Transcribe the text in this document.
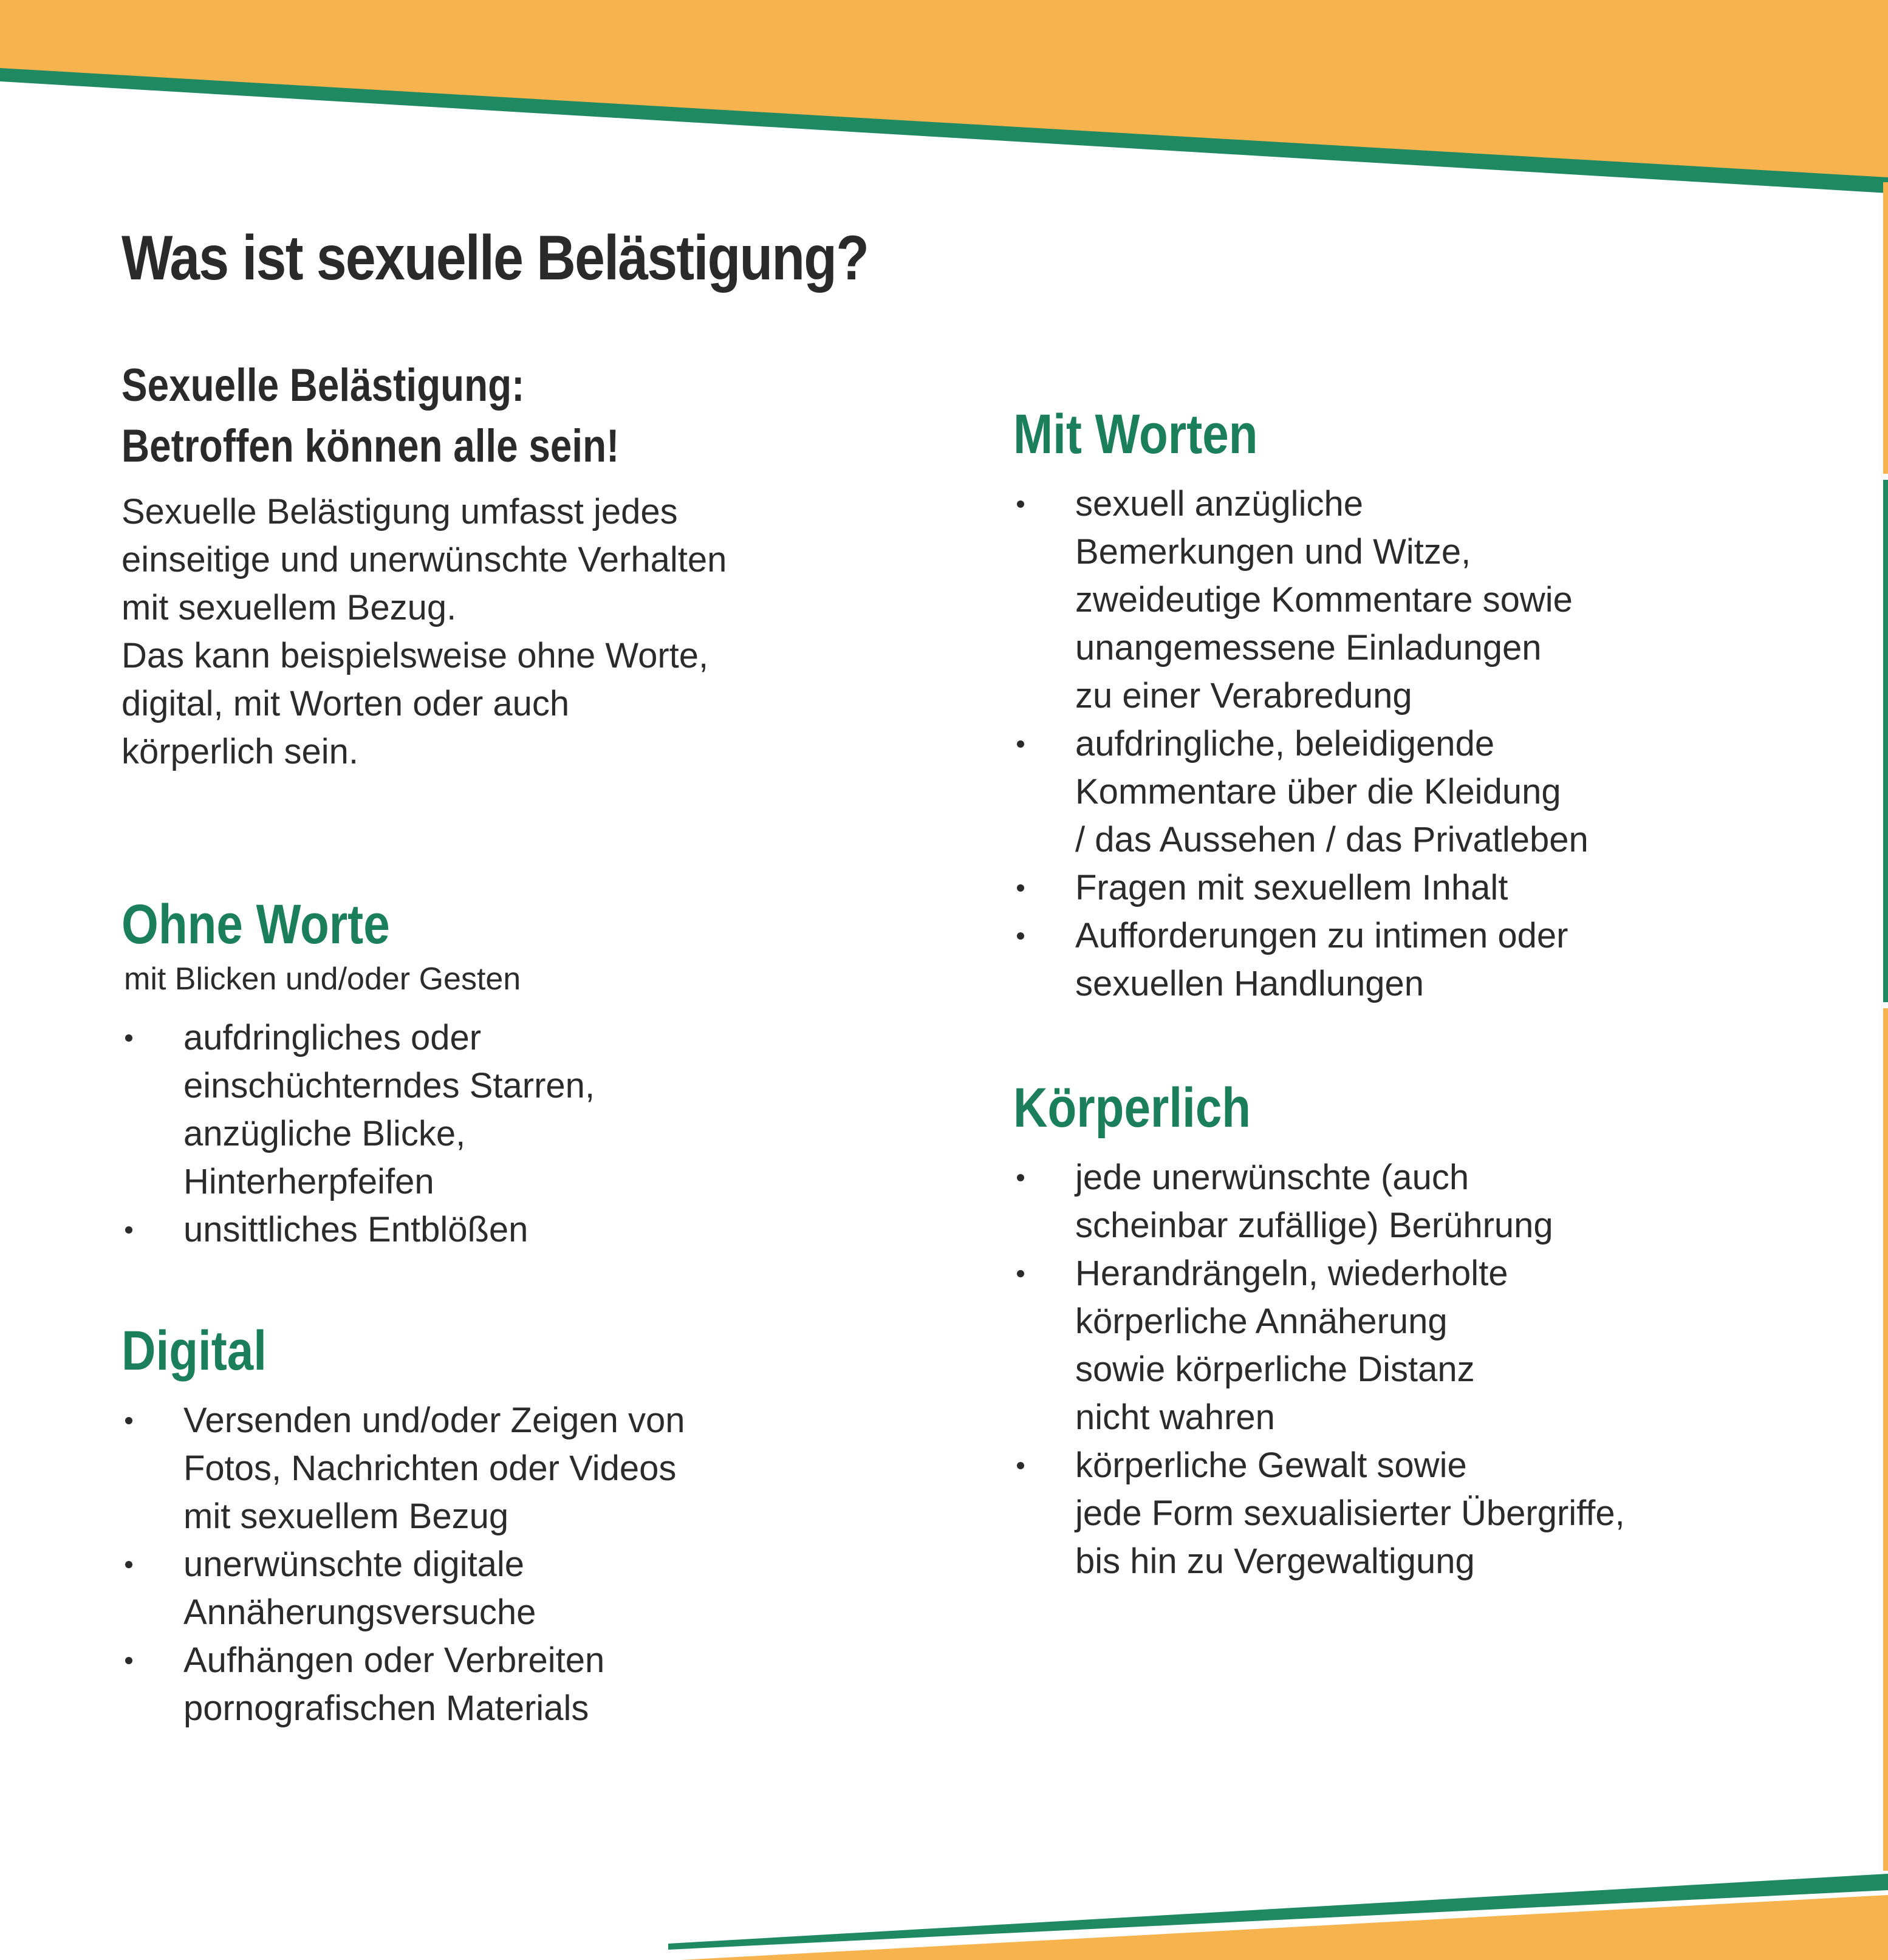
Was ist sexuelle Belästigung?
Sexuelle Belästigung:
Betroffen können alle sein!

Sexuelle Belästigung umfasst jedes
einseitige und unerwünschte Verhalten
mit sexuellem Bezug.

Das kann beispielsweise ohne Worte,
digital, mit Worten oder auch
körperlich sein.

Ohne Worte
mit Blicken und/oder Gesten
aufdringliches oder
einschüchterndes Starren,
anzügliche Blicke,
Hinterherpfeifen
unsittliches Entblößen
Digital
Versenden und/oder Zeigen von
Fotos, Nachrichten oder Videos
mit sexuellem Bezug
unerwünschte digitale
Annäherungsversuche
Aufhängen oder Verbreiten
pornografischen Materials
Mit Worten
sexuell anzügliche
Bemerkungen und Witze,
zweideutige Kommentare sowie
unangemessene Einladungen
zu einer Verabredung
aufdringliche, beleidigende
Kommentare über die Kleidung
/ das Aussehen / das Privatleben
Fragen mit sexuellem Inhalt
Aufforderungen zu intimen oder
sexuellen Handlungen
Körperlich
jede unerwünschte (auch
scheinbar zufällige) Berührung
Herandrängeln, wiederholte
körperliche Annäherung
sowie körperliche Distanz
nicht wahren
körperliche Gewalt sowie
jede Form sexualisierter Übergriffe,
bis hin zu Vergewaltigung
